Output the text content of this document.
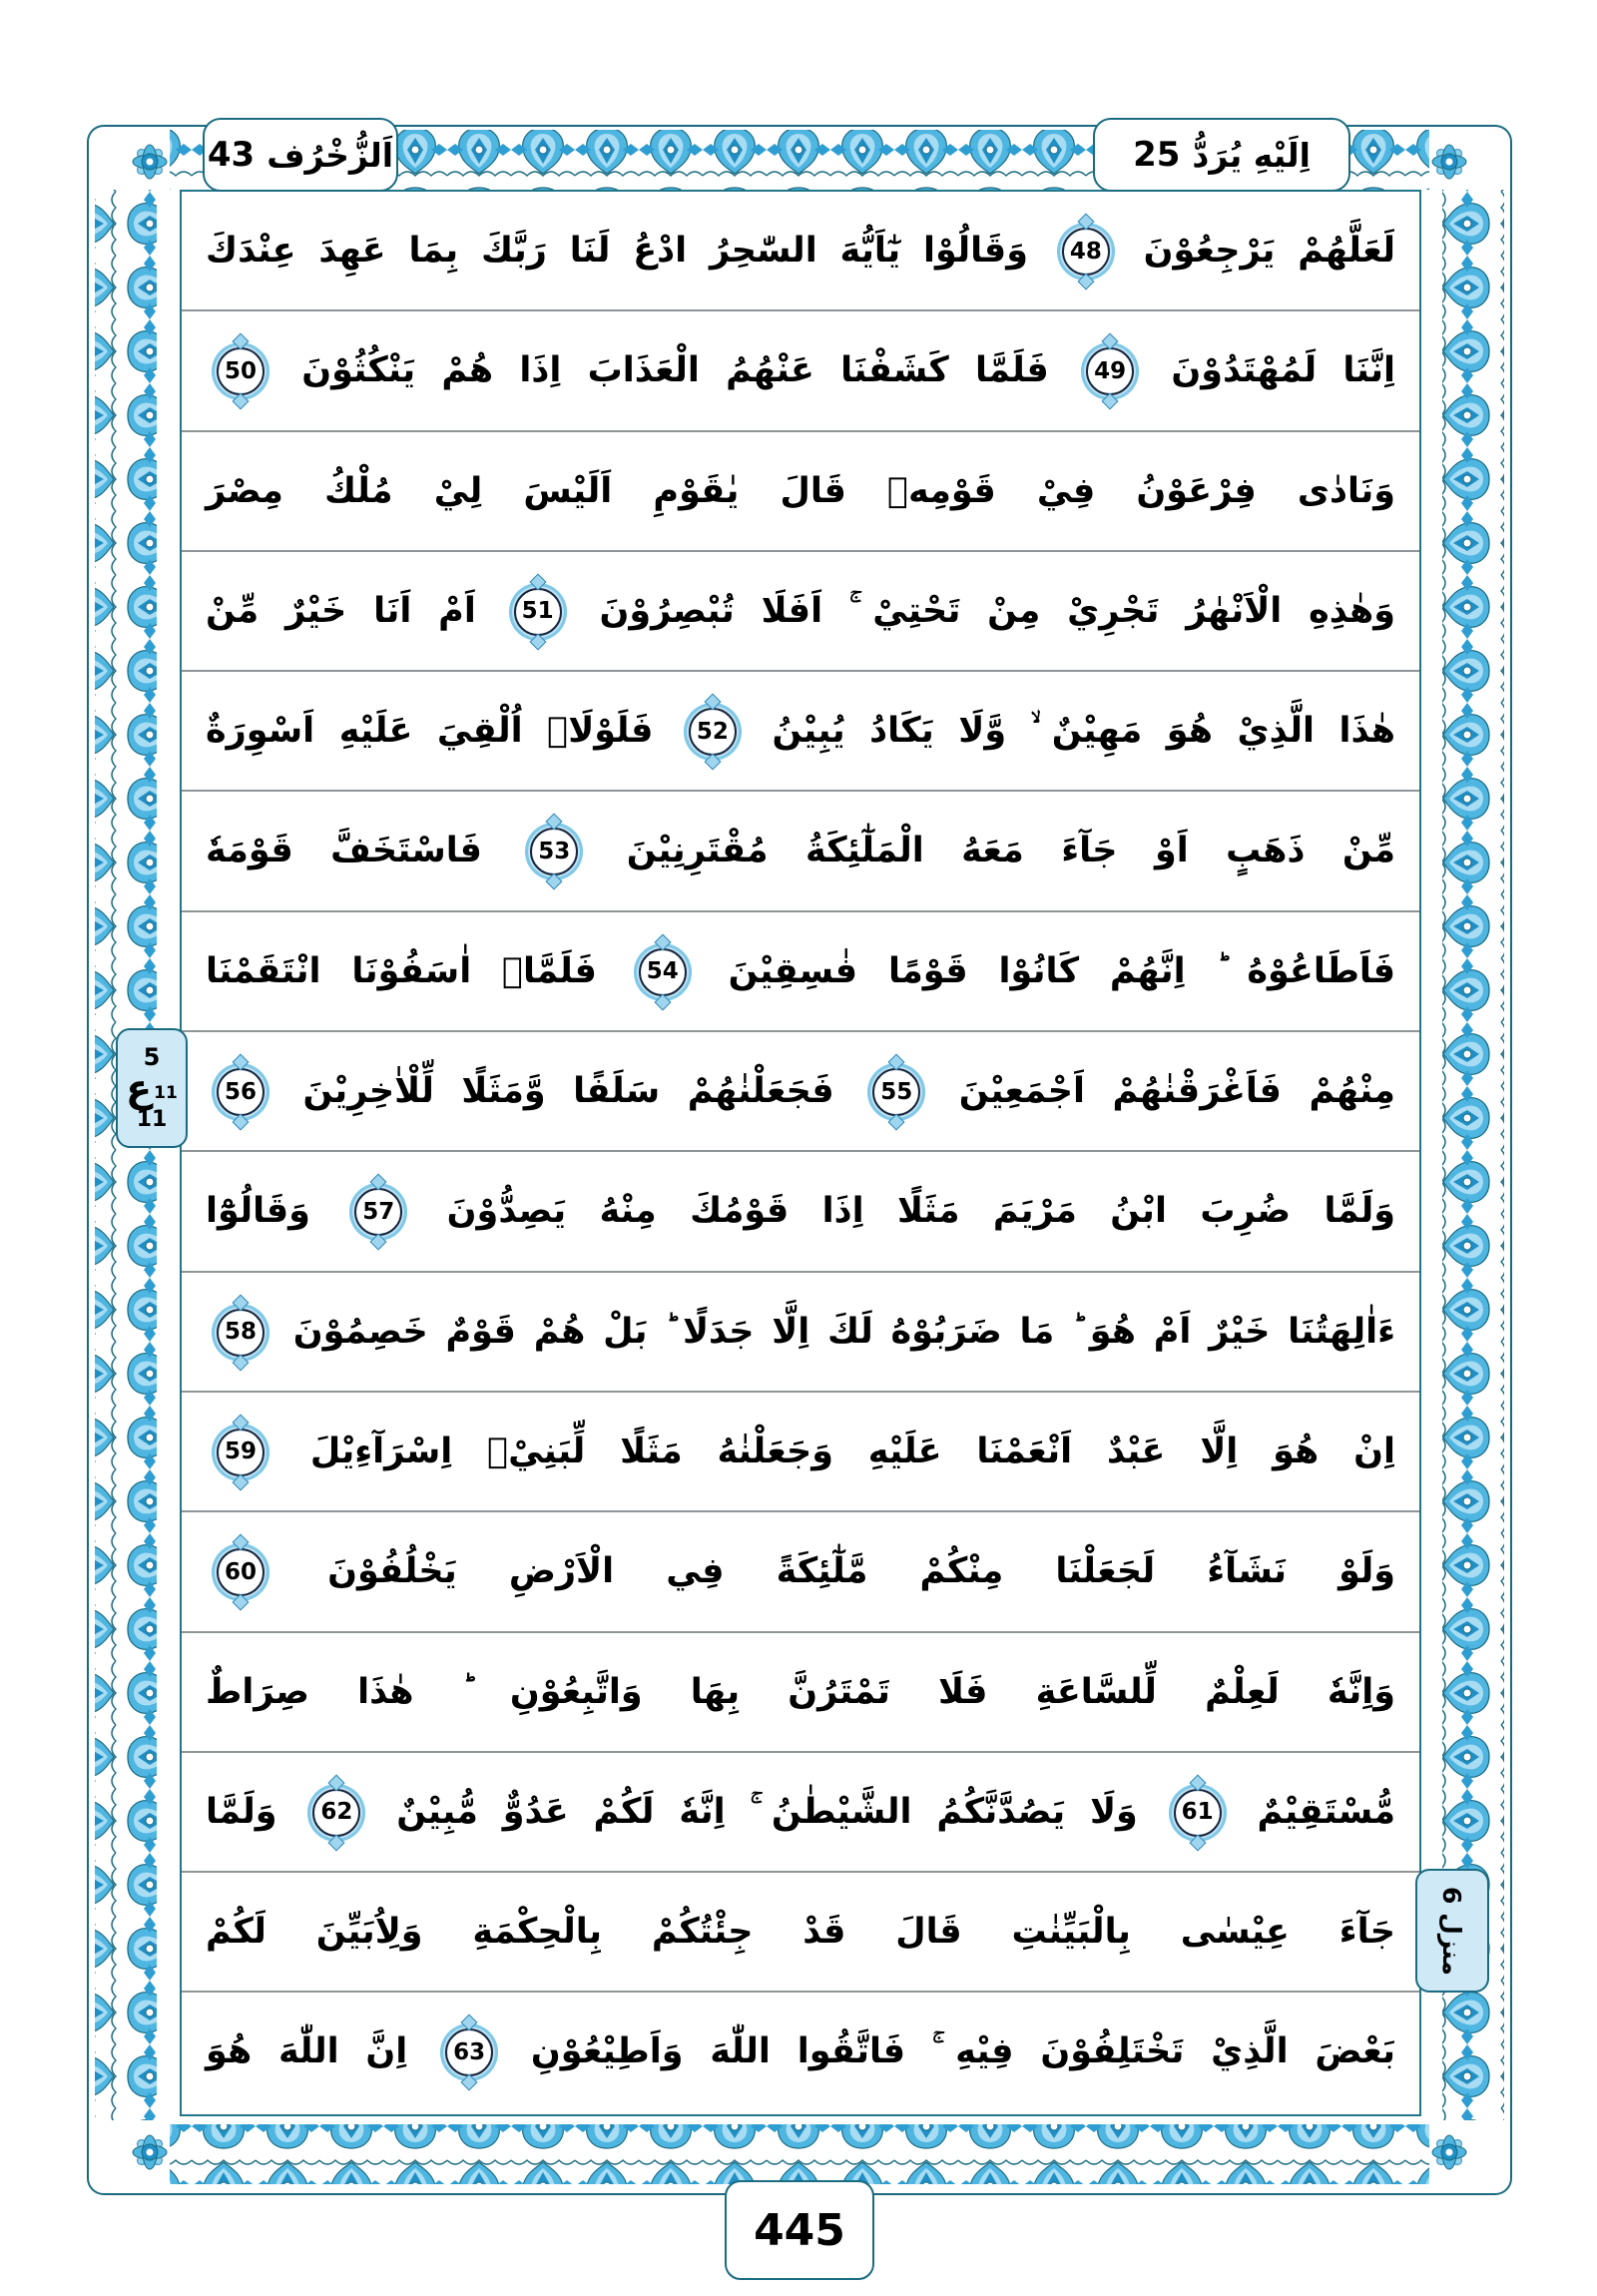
اَلزُّخْرُف
43	اِلَيْهِ يُرَدُّ
25
لَعَلَّهُمْ يَرْجِعُوْنَ
48
وَقَالُوْا يٰٓاَيُّهَ السّٰحِرُ ادْعُ لَنَا رَبَّكَ بِمَا عَهِدَ عِنْدَكَ
اِنَّنَا لَمُهْتَدُوْنَ
49
فَلَمَّا كَشَفْنَا عَنْهُمُ الْعَذَابَ اِذَا هُمْ يَنْكُثُوْنَ
50
وَنَادٰى فِرْعَوْنُ فِيْ قَوْمِهٖ قَالَ يٰقَوْمِ اَلَيْسَ لِيْ مُلْكُ مِصْرَ
وَهٰذِهِ الْاَنْهٰرُ تَجْرِيْ مِنْ تَحْتِيْ ۚ اَفَلَا تُبْصِرُوْنَ
51
اَمْ اَنَا خَيْرٌ مِّنْ
هٰذَا الَّذِيْ هُوَ مَهِيْنٌ ۙ وَّلَا يَكَادُ يُبِيْنُ
52
فَلَوْلَاۤ اُلْقِيَ عَلَيْهِ اَسْوِرَةٌ
مِّنْ ذَهَبٍ اَوْ جَآءَ مَعَهُ الْمَلٰٓئِكَةُ مُقْتَرِنِيْنَ
53
فَاسْتَخَفَّ قَوْمَهٗ
فَاَطَاعُوْهُ ؕ اِنَّهُمْ كَانُوْا قَوْمًا فٰسِقِيْنَ
54
فَلَمَّاۤ اٰسَفُوْنَا انْتَقَمْنَا
مِنْهُمْ فَاَغْرَقْنٰهُمْ اَجْمَعِيْنَ
55
فَجَعَلْنٰهُمْ سَلَفًا وَّمَثَلًا لِّلْاٰخِرِيْنَ
56
وَلَمَّا ضُرِبَ ابْنُ مَرْيَمَ مَثَلًا اِذَا قَوْمُكَ مِنْهُ يَصِدُّوْنَ
57
وَقَالُوْٓا
ءَاٰلِهَتُنَا خَيْرٌ اَمْ هُوَ ؕ مَا ضَرَبُوْهُ لَكَ اِلَّا جَدَلًا ؕ بَلْ هُمْ قَوْمٌ خَصِمُوْنَ
58
اِنْ هُوَ اِلَّا عَبْدٌ اَنْعَمْنَا عَلَيْهِ وَجَعَلْنٰهُ مَثَلًا لِّبَنِيْۤ اِسْرَآءِيْلَ
59
وَلَوْ نَشَآءُ لَجَعَلْنَا مِنْكُمْ مَّلٰٓئِكَةً فِي الْاَرْضِ يَخْلُفُوْنَ
60
وَاِنَّهٗ لَعِلْمٌ لِّلسَّاعَةِ فَلَا تَمْتَرُنَّ بِهَا وَاتَّبِعُوْنِ ؕ هٰذَا صِرَاطٌ
مُّسْتَقِيْمٌ
61
وَلَا يَصُدَّنَّكُمُ الشَّيْطٰنُ ۚ اِنَّهٗ لَكُمْ عَدُوٌّ مُّبِيْنٌ
62
وَلَمَّا
جَآءَ عِيْسٰى بِالْبَيِّنٰتِ قَالَ قَدْ جِئْتُكُمْ بِالْحِكْمَةِ وَلِاُبَيِّنَ لَكُمْ
بَعْضَ الَّذِيْ تَخْتَلِفُوْنَ فِيْهِ ۚ فَاتَّقُوا اللّٰهَ وَاَطِيْعُوْنِ
63
اِنَّ اللّٰهَ هُوَ
5
ع 11
11
منزل 6
445
